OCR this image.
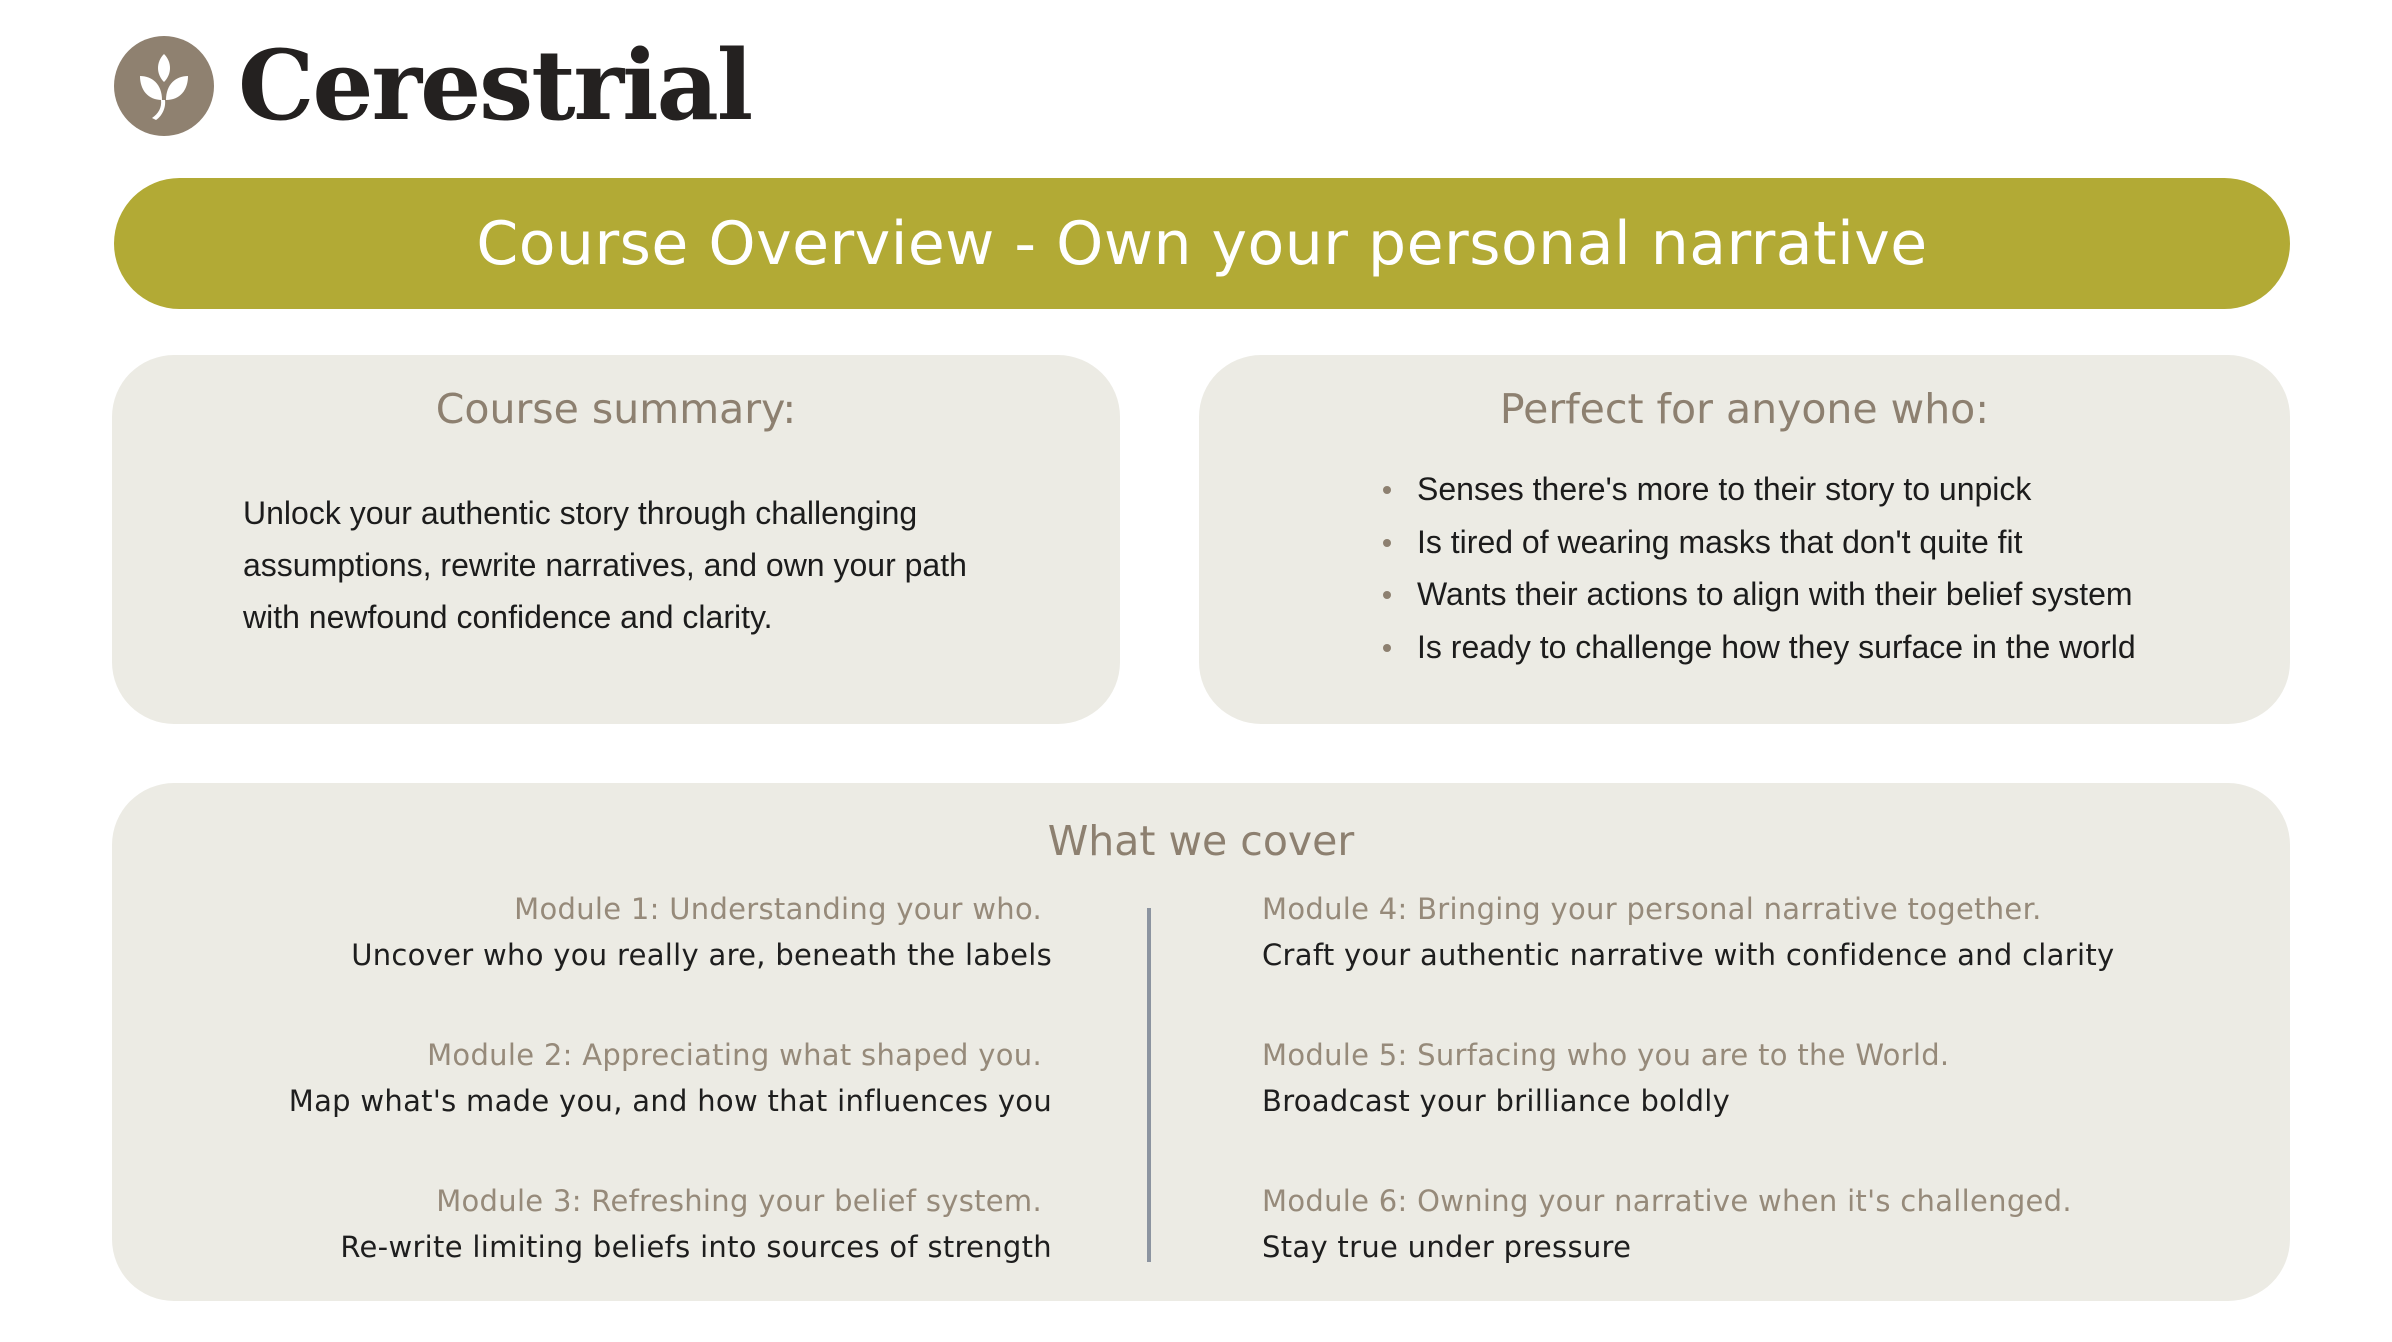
Cerestrial
Course Overview - Own your personal narrative
Course summary:
Unlock your authentic story through challenging assumptions, rewrite narratives, and own your path with newfound confidence and clarity.
Perfect for anyone who:
Senses there's more to their story to unpick
Is tired of wearing masks that don't quite fit
Wants their actions to align with their belief system
Is ready to challenge how they surface in the world
What we cover
Module 1: Understanding your who.
Uncover who you really are, beneath the labels
Module 2: Appreciating what shaped you.
Map what's made you, and how that influences you
Module 3: Refreshing your belief system.
Re-write limiting beliefs into sources of strength
Module 4: Bringing your personal narrative together.
Craft your authentic narrative with confidence and clarity
Module 5: Surfacing who you are to the World.
Broadcast your brilliance boldly
Module 6: Owning your narrative when it's challenged.
Stay true under pressure
